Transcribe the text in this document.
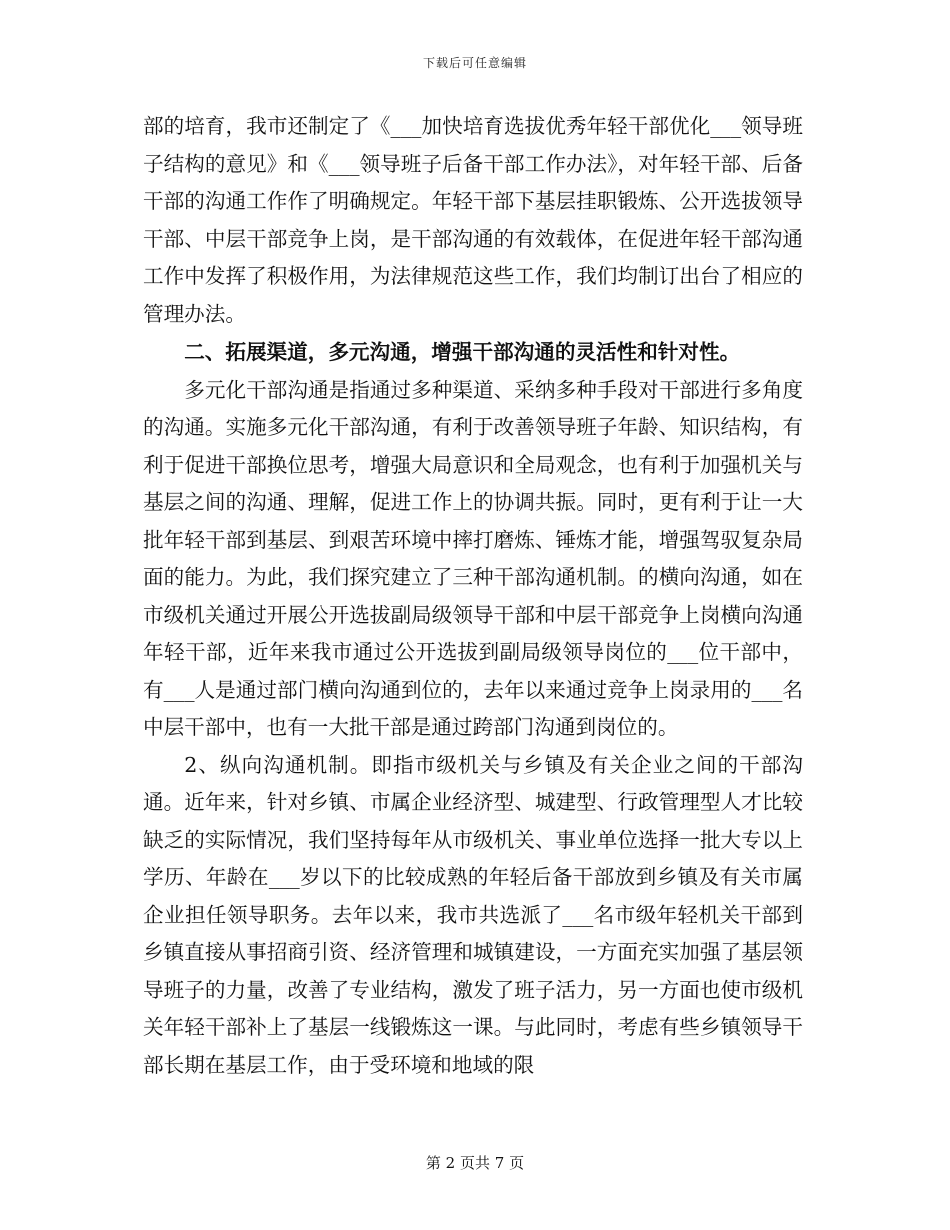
下载后可任意编辑

部的培育，我市还制定了《___加快培育选拔优秀年轻干部优化___领导班子结构的意见》和《___领导班子后备干部工作办法》，对年轻干部、后备干部的沟通工作作了明确规定。年轻干部下基层挂职锻炼、公开选拔领导干部、中层干部竞争上岗，是干部沟通的有效载体，在促进年轻干部沟通工作中发挥了积极作用，为法律规范这些工作，我们均制订出台了相应的管理办法。

二、拓展渠道，多元沟通，增强干部沟通的灵活性和针对性。

多元化干部沟通是指通过多种渠道、采纳多种手段对干部进行多角度的沟通。实施多元化干部沟通，有利于改善领导班子年龄、知识结构，有利于促进干部换位思考，增强大局意识和全局观念，也有利于加强机关与基层之间的沟通、理解，促进工作上的协调共振。同时，更有利于让一大批年轻干部到基层、到艰苦环境中摔打磨炼、锤炼才能，增强驾驭复杂局面的能力。为此，我们探究建立了三种干部沟通机制。的横向沟通，如在市级机关通过开展公开选拔副局级领导干部和中层干部竞争上岗横向沟通年轻干部，近年来我市通过公开选拔到副局级领导岗位的___位干部中，有___人是通过部门横向沟通到位的，去年以来通过竞争上岗录用的___名中层干部中，也有一大批干部是通过跨部门沟通到岗位的。

2、纵向沟通机制。即指市级机关与乡镇及有关企业之间的干部沟通。近年来，针对乡镇、市属企业经济型、城建型、行政管理型人才比较缺乏的实际情况，我们坚持每年从市级机关、事业单位选择一批大专以上学历、年龄在___岁以下的比较成熟的年轻后备干部放到乡镇及有关市属企业担任领导职务。去年以来，我市共选派了___名市级年轻机关干部到乡镇直接从事招商引资、经济管理和城镇建设，一方面充实加强了基层领导班子的力量，改善了专业结构，激发了班子活力，另一方面也使市级机关年轻干部补上了基层一线锻炼这一课。与此同时，考虑有些乡镇领导干部长期在基层工作，由于受环境和地域的限

第 2 页共 7 页
